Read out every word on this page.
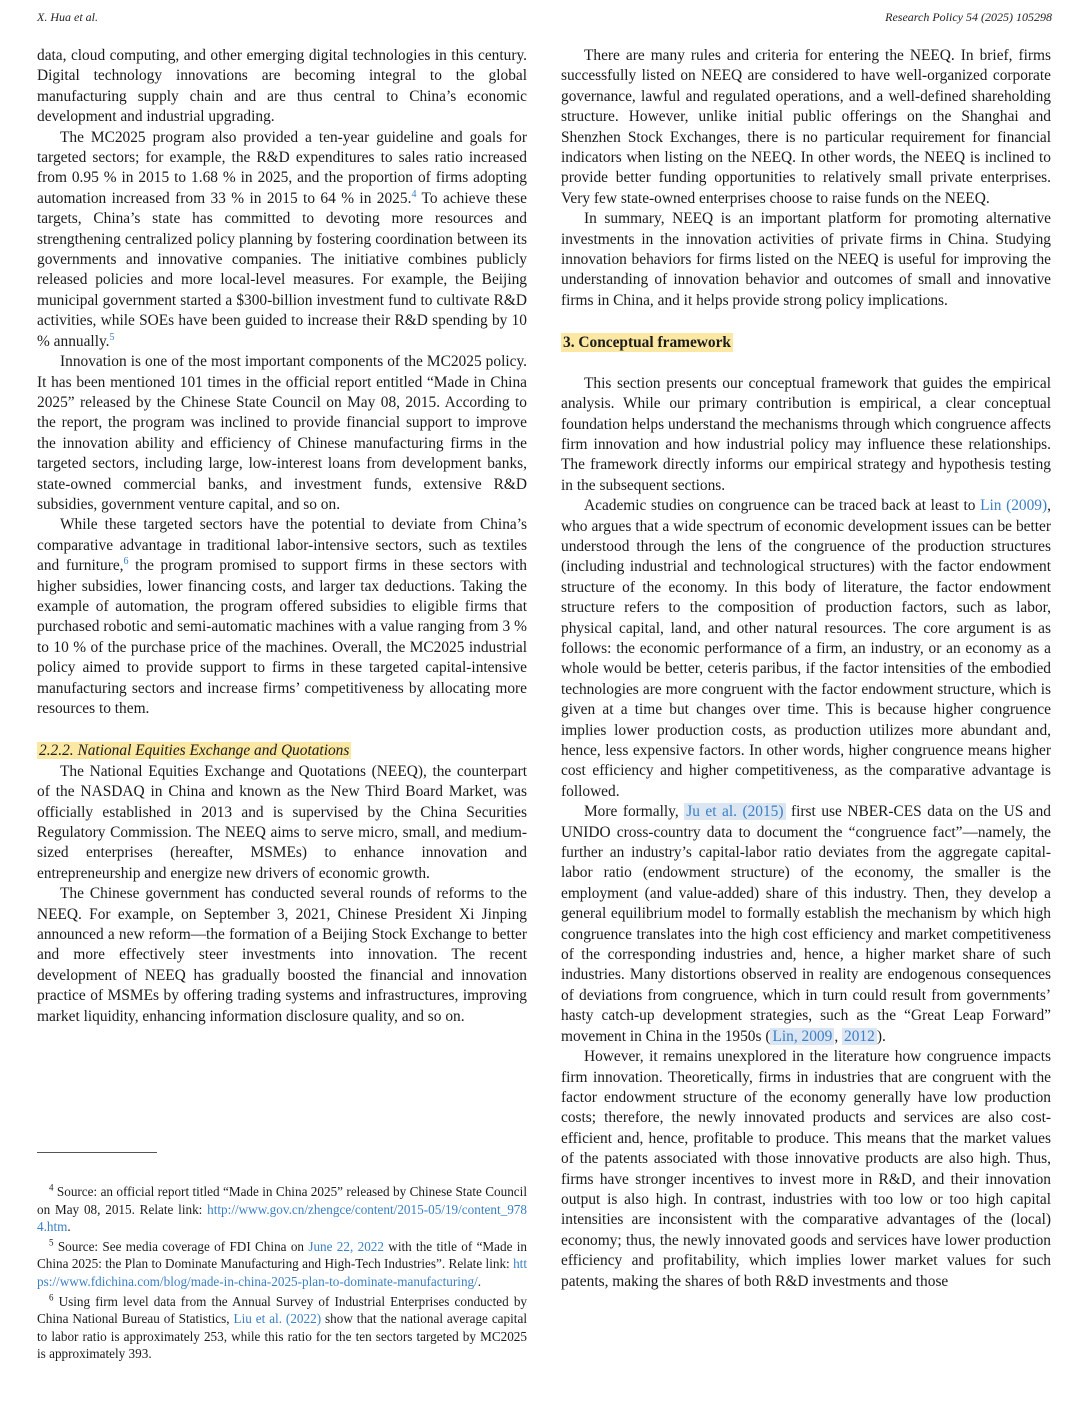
X. Hua et al.	Research Policy 54 (2025) 105298

data, cloud computing, and other emerging digital technologies in this century. Digital technology innovations are becoming integral to the global manufacturing supply chain and are thus central to China’s economic development and industrial upgrading.

The MC2025 program also provided a ten-year guideline and goals for targeted sectors; for example, the R&D expenditures to sales ratio increased from 0.95 % in 2015 to 1.68 % in 2025, and the proportion of firms adopting automation increased from 33 % in 2015 to 64 % in 2025.$^4$ To achieve these targets, China’s state has committed to devoting more resources and strengthening centralized policy planning by fostering coordination between its governments and innovative companies. The initiative combines publicly released policies and more local-level measures. For example, the Beijing municipal government started a $300-billion investment fund to cultivate R&D activities, while SOEs have been guided to increase their R&D spending by 10 % annually.$^5$

Innovation is one of the most important components of the MC2025 policy. It has been mentioned 101 times in the official report entitled “Made in China 2025” released by the Chinese State Council on May 08, 2015. According to the report, the program was inclined to provide financial support to improve the innovation ability and efficiency of Chinese manufacturing firms in the targeted sectors, including large, low-interest loans from development banks, state-owned commercial banks, and investment funds, extensive R&D subsidies, government venture capital, and so on.

While these targeted sectors have the potential to deviate from China’s comparative advantage in traditional labor-intensive sectors, such as textiles and furniture,$^6$ the program promised to support firms in these sectors with higher subsidies, lower financing costs, and larger tax deductions. Taking the example of automation, the program offered subsidies to eligible firms that purchased robotic and semi-automatic machines with a value ranging from 3 % to 10 % of the purchase price of the machines. Overall, the MC2025 industrial policy aimed to provide support to firms in these targeted capital-intensive manufacturing sectors and increase firms’ competitiveness by allocating more resources to them.

2.2.2. National Equities Exchange and Quotations

The National Equities Exchange and Quotations (NEEQ), the counterpart of the NASDAQ in China and known as the New Third Board Market, was officially established in 2013 and is supervised by the China Securities Regulatory Commission. The NEEQ aims to serve micro, small, and medium-sized enterprises (hereafter, MSMEs) to enhance innovation and entrepreneurship and energize new drivers of economic growth.

The Chinese government has conducted several rounds of reforms to the NEEQ. For example, on September 3, 2021, Chinese President Xi Jinping announced a new reform—the formation of a Beijing Stock Exchange to better and more effectively steer investments into innovation. The recent development of NEEQ has gradually boosted the financial and innovation practice of MSMEs by offering trading systems and infrastructures, improving market liquidity, enhancing information disclosure quality, and so on.

$^4$ Source: an official report titled “Made in China 2025” released by Chinese State Council on May 08, 2015. Relate link: http://www.gov.cn/zhengce/content/2015-05/19/content_9784.htm.

$^5$ Source: See media coverage of FDI China on June 22, 2022 with the title of “Made in China 2025: the Plan to Dominate Manufacturing and High-Tech Industries”. Relate link: https://www.fdichina.com/blog/made-in-china-2025-plan-to-dominate-manufacturing/.

$^6$ Using firm level data from the Annual Survey of Industrial Enterprises conducted by China National Bureau of Statistics, Liu et al. (2022) show that the national average capital to labor ratio is approximately 253, while this ratio for the ten sectors targeted by MC2025 is approximately 393.

There are many rules and criteria for entering the NEEQ. In brief, firms successfully listed on NEEQ are considered to have well-organized corporate governance, lawful and regulated operations, and a well-defined shareholding structure. However, unlike initial public offerings on the Shanghai and Shenzhen Stock Exchanges, there is no particular requirement for financial indicators when listing on the NEEQ. In other words, the NEEQ is inclined to provide better funding opportunities to relatively small private enterprises. Very few state-owned enterprises choose to raise funds on the NEEQ.

In summary, NEEQ is an important platform for promoting alternative investments in the innovation activities of private firms in China. Studying innovation behaviors for firms listed on the NEEQ is useful for improving the understanding of innovation behavior and outcomes of small and innovative firms in China, and it helps provide strong policy implications.

3. Conceptual framework

This section presents our conceptual framework that guides the empirical analysis. While our primary contribution is empirical, a clear conceptual foundation helps understand the mechanisms through which congruence affects firm innovation and how industrial policy may influence these relationships. The framework directly informs our empirical strategy and hypothesis testing in the subsequent sections.

Academic studies on congruence can be traced back at least to Lin (2009), who argues that a wide spectrum of economic development issues can be better understood through the lens of the congruence of the production structures (including industrial and technological structures) with the factor endowment structure of the economy. In this body of literature, the factor endowment structure refers to the composition of production factors, such as labor, physical capital, land, and other natural resources. The core argument is as follows: the economic performance of a firm, an industry, or an economy as a whole would be better, ceteris paribus, if the factor intensities of the embodied technologies are more congruent with the factor endowment structure, which is given at a time but changes over time. This is because higher congruence implies lower production costs, as production utilizes more abundant and, hence, less expensive factors. In other words, higher congruence means higher cost efficiency and higher competitiveness, as the comparative advantage is followed.

More formally, Ju et al. (2015) first use NBER-CES data on the US and UNIDO cross-country data to document the “congruence fact”—namely, the further an industry’s capital-labor ratio deviates from the aggregate capital-labor ratio (endowment structure) of the economy, the smaller is the employment (and value-added) share of this industry. Then, they develop a general equilibrium model to formally establish the mechanism by which high congruence translates into the high cost efficiency and market competitiveness of the corresponding industries and, hence, a higher market share of such industries. Many distortions observed in reality are endogenous consequences of deviations from congruence, which in turn could result from governments’ hasty catch-up development strategies, such as the “Great Leap Forward” movement in China in the 1950s ( Lin, 2009 , 2012 ).

However, it remains unexplored in the literature how congruence impacts firm innovation. Theoretically, firms in industries that are congruent with the factor endowment structure of the economy generally have low production costs; therefore, the newly innovated products and services are also cost-efficient and, hence, profitable to produce. This means that the market values of the patents associated with those innovative products are also high. Thus, firms have stronger incentives to invest more in R&D, and their innovation output is also high. In contrast, industries with too low or too high capital intensities are inconsistent with the comparative advantages of the (local) economy; thus, the newly innovated goods and services have lower production efficiency and profitability, which implies lower market values for such patents, making the shares of both R&D investments and those
